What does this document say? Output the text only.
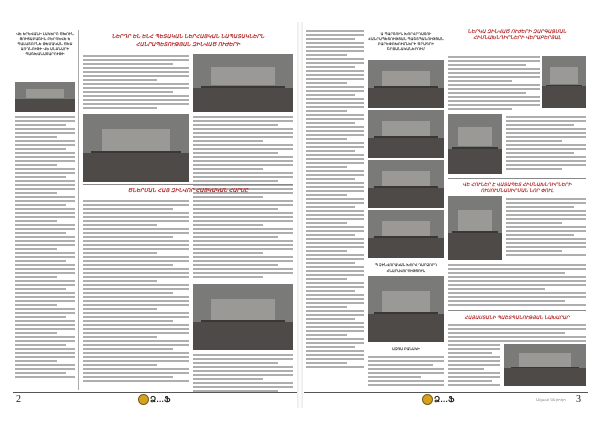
ՎԵ ԵՐԵՎԱՆԻ ԼԱԿԵՐՈ ԾԽՈՒՆ ՑՈՒՑԱԲԱՇԻՆ ԲԵՐՈԵՎԵ Ե ՊԱԼԱՏՈՐՆԵ ԹԵՄԱԿԱՆ ԾԵՍ ԱՈՂՆՈՒԹԻ ՎԵ ԱՆՍՆԱՐԻ ՊԱՇԽԱՆԱՏԱՐՈՒԹԻ
ՆԵՐԴՐ ԵՆ ԵՆՀ ՊԵՏԱԿԱՆ ՆԵՐՀԱՅԿԱՆ ՆԱՊԱՏԱԿՆԵՐՆ
ՀԱՆՐԱՊԵՏՈՒԹՅԱՆ ԶԻՆՎԱԾ ՈՒԺԵՐԻ
ԾՆԵՐՄԱՆ ՀԱՅ ԶԻՆՎՈՐ ՀԱՅԿԱԿԱՆ ՀԱՐՍԸ
2	Ձ…Ֆ
Ա ՊԱՐՏՈՒՆ ԽՈՐՀՐԴԱՏՈՒ ՀԱՆՐԱՊԵՏՈՒԹՅԱՆ ՊԱՇՏՊԱՆՈՒԹՅԱՆ ԲԱՐԵՓՈԽՈՒՄՆԵՐԻ ԾՐԱԳՐԻ ՇՐՋԱՆԱԿԱՆԵՐՈՒՄ
Պ ԶԻՆՎՈՐԱԿԱՆ ԽՈՐՀ ԴԱՐՁՈՐԴ ՀՆԱՐԱՎՈՐՈՒԹՅՈՒՆ
ԱԶԳԱ ԲԱՆԱԿԻ
ՆԵՐԿԱ ԶԻՆՎԱԾ ՈՒԺԵՐԻ ԶԱՐԳԱՑՄԱՆ ՀԻՄՆԱԽՆԴԻՐՆԵՐԻ ՎԵՐԱԲԵՐՅԱԼ
ՎԵ ՀՈՒՆԵՐ Է ՎԱՏԱՊԵՏ ՀԻՄՆԱԽՆԴԻՐՆԵՐԻ ՈՒՍՈՒՄՆԱՍԻՐՄԱՆ ՆՈՐ ՓՈՒԼ
ՀԱՅԱՍՏԱՆԻ ՊԱՇՏՊԱՆՈՒԹՅԱՆ ՆԱԽԱՐԱՐ
Ձ…Ֆ	Ազատ ներոդո 3
